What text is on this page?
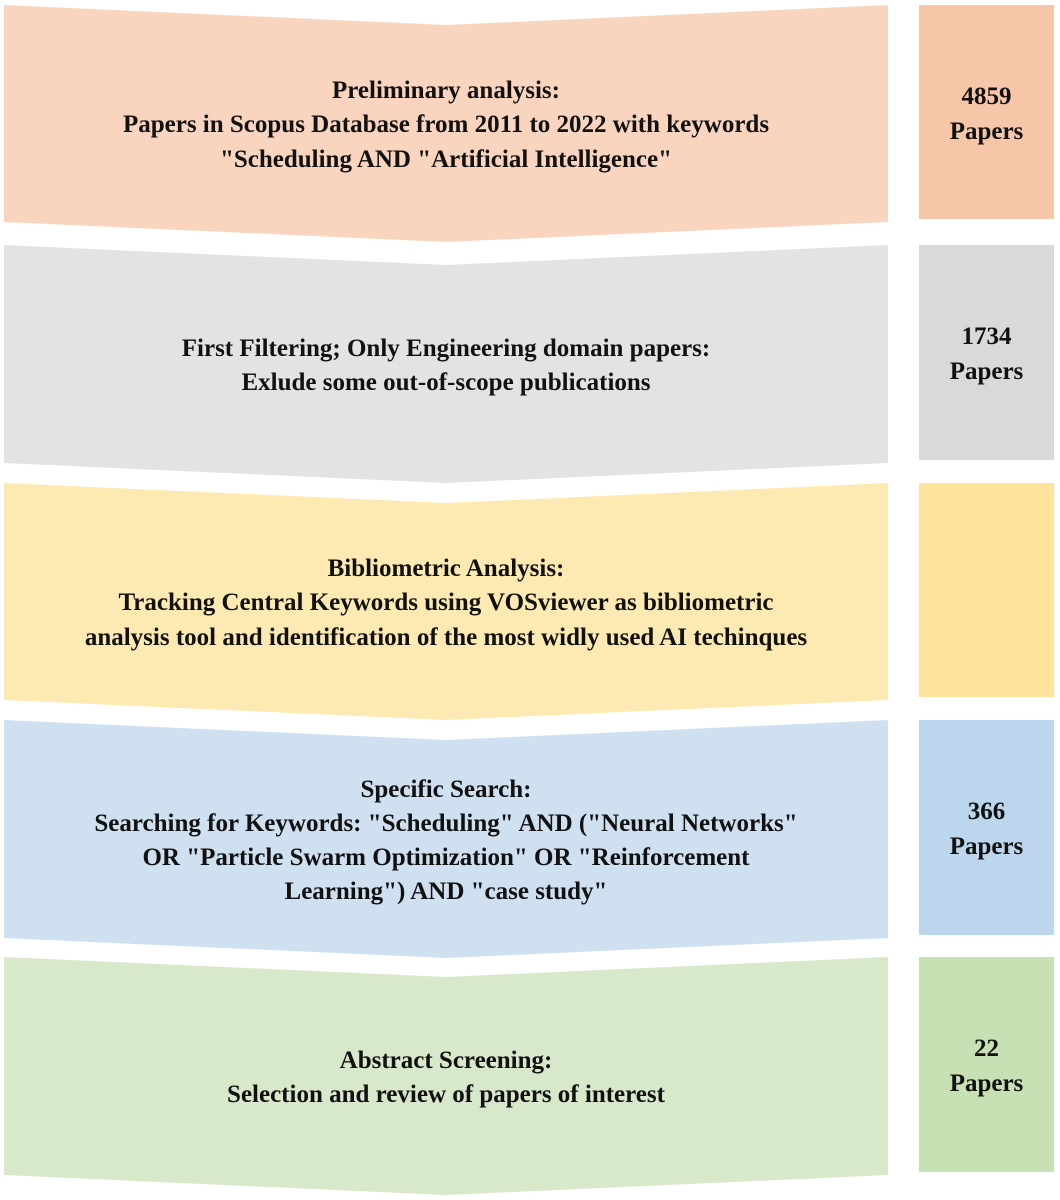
Preliminary analysis:
Papers in Scopus Database from 2011 to 2022 with keywords
"Scheduling AND "Artificial Intelligence"
4859
Papers
First Filtering; Only Engineering domain papers:
Exlude some out-of-scope publications
1734
Papers
Bibliometric Analysis:
Tracking Central Keywords using VOSviewer as bibliometric
analysis tool and identification of the most widly used AI techinques
Specific Search:
Searching for Keywords: "Scheduling" AND ("Neural Networks"
OR "Particle Swarm Optimization" OR "Reinforcement
Learning") AND "case study"
366
Papers
Abstract Screening:
Selection and review of papers of interest
22
Papers
